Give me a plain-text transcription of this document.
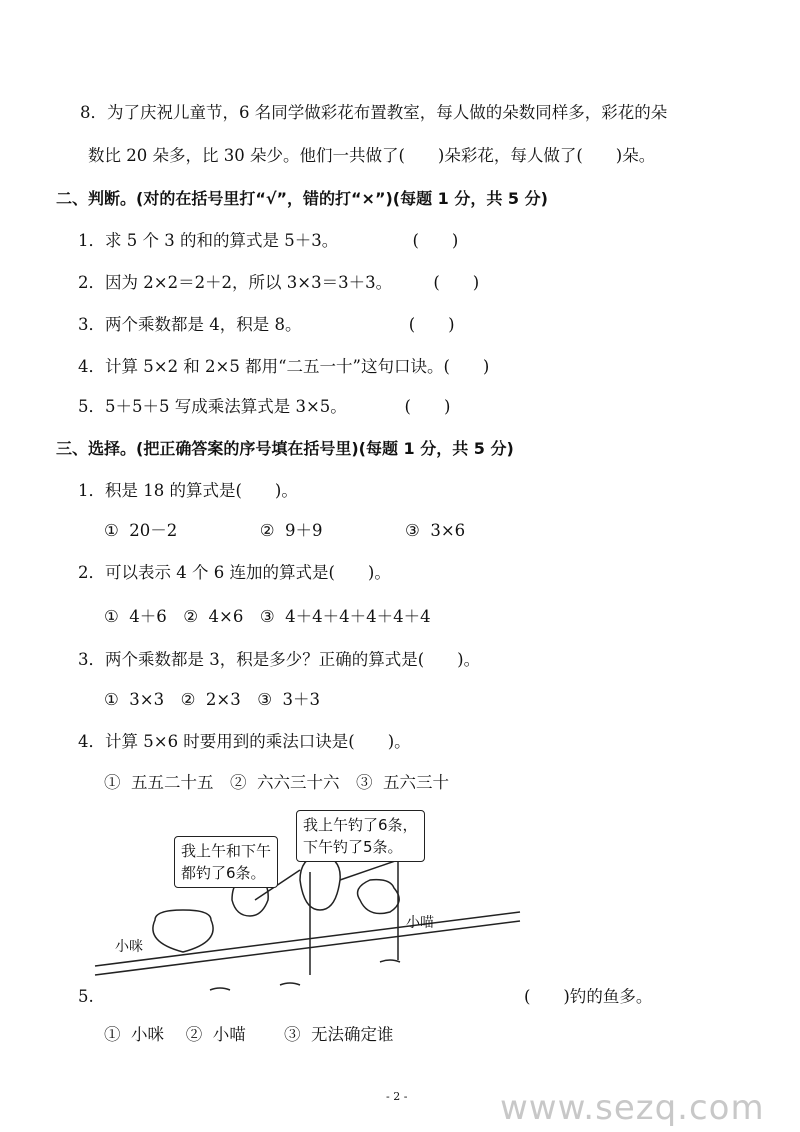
8．为了庆祝儿童节，6 名同学做彩花布置教室，每人做的朵数同样多，彩花的朵
数比 20 朵多，比 30 朵少。他们一共做了(　　)朵彩花，每人做了(　　)朵。
二、判断。(对的在括号里打“√”，错的打“×”)(每题 1 分，共 5 分)
1．求 5 个 3 的和的算式是 5＋3。　　　　　(　　)
2．因为 2×2＝2＋2，所以 3×3＝3＋3。　　　(　　)
3．两个乘数都是 4，积是 8。　　　　　　　(　　)
4．计算 5×2 和 2×5 都用“二五一十”这句口诀。(　　)
5．5＋5＋5 写成乘法算式是 3×5。　　　　(　　)
三、选择。(把正确答案的序号填在括号里)(每题 1 分，共 5 分)
1．积是 18 的算式是(　　)。
①  20－2　　　　　②  9＋9　　　　　③  3×6
2．可以表示 4 个 6 连加的算式是(　　)。
①  4＋6　②  4×6　③  4＋4＋4＋4＋4＋4
3．两个乘数都是 3，积是多少？正确的算式是(　　)。
①  3×3　②  2×3　③  3＋3
4．计算 5×6 时要用到的乘法口诀是(　　)。
①  五五二十五　②  六六三十六　③  五六三十
我上午和下午
都钓了6条。
我上午钓了6条，
下午钓了5条。
小咪
小喵
5.	(　　)钓的鱼多。
①  小咪　 ②  小喵　　 ③  无法确定谁
- 2 -	www.sezq.com
